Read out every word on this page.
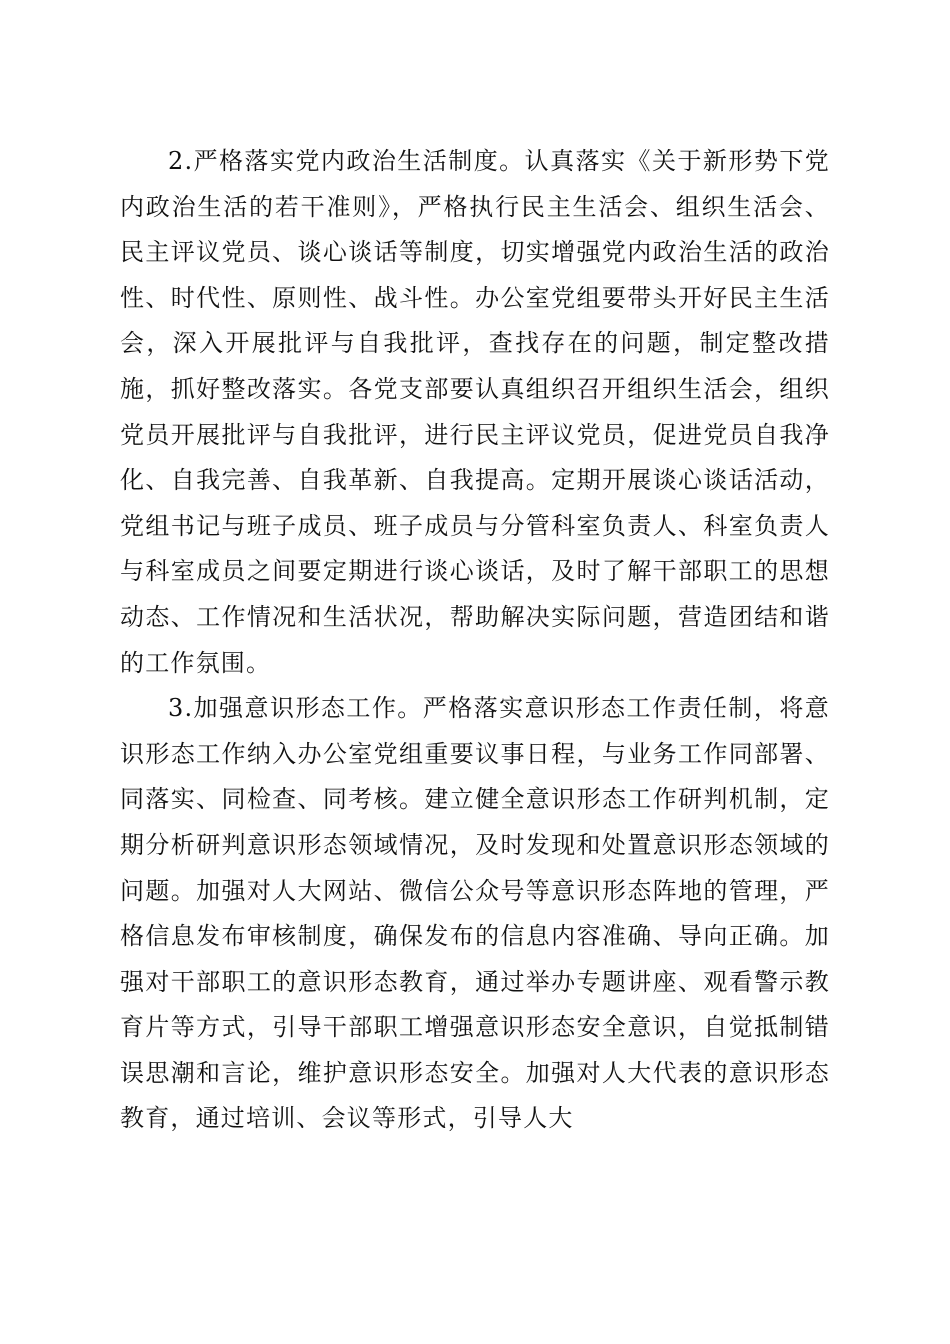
2.严格落实党内政治生活制度。认真落实《关于新形势下党内政治生活的若干准则》，严格执行民主生活会、组织生活会、民主评议党员、谈心谈话等制度，切实增强党内政治生活的政治性、时代性、原则性、战斗性。办公室党组要带头开好民主生活会，深入开展批评与自我批评，查找存在的问题，制定整改措施，抓好整改落实。各党支部要认真组织召开组织生活会，组织党员开展批评与自我批评，进行民主评议党员，促进党员自我净化、自我完善、自我革新、自我提高。定期开展谈心谈话活动，党组书记与班子成员、班子成员与分管科室负责人、科室负责人与科室成员之间要定期进行谈心谈话，及时了解干部职工的思想动态、工作情况和生活状况，帮助解决实际问题，营造团结和谐的工作氛围。

3.加强意识形态工作。严格落实意识形态工作责任制，将意识形态工作纳入办公室党组重要议事日程，与业务工作同部署、同落实、同检查、同考核。建立健全意识形态工作研判机制，定期分析研判意识形态领域情况，及时发现和处置意识形态领域的问题。加强对人大网站、微信公众号等意识形态阵地的管理，严格信息发布审核制度，确保发布的信息内容准确、导向正确。加强对干部职工的意识形态教育，通过举办专题讲座、观看警示教育片等方式，引导干部职工增强意识形态安全意识，自觉抵制错误思潮和言论，维护意识形态安全。加强对人大代表的意识形态教育，通过培训、会议等形式，引导人大
